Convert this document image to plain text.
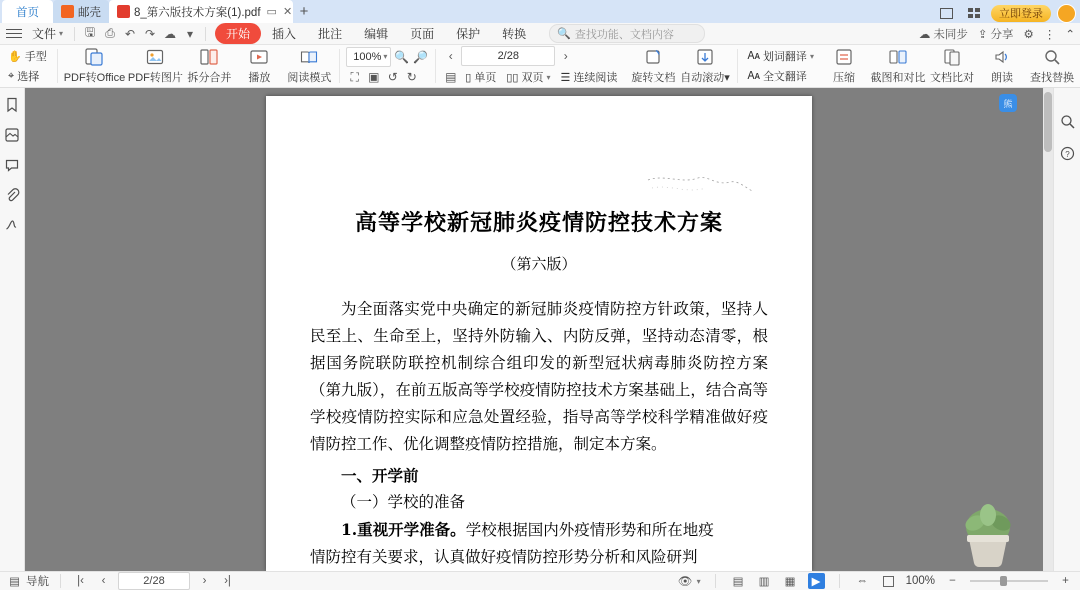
首页	邮壳	8_第六版技术方案(1).pdf ▭ ✕ +	立即登录
文件 ▾	🖫 ⎙ ↶ ↷ ☁ ▾	开始	插入	批注	编辑	页面	保护	转换	🔍 查找功能、文档内容	☁ 未同步 ⇪ 分享 ⚙ ⋮ ⌃
✋ 手型
⌖ 选择 PDF转Office PDF转图片 拆分合并 播放 阅读模式
100% ▾ 🔍 🔎
⛶ ▣ ↺ ↻
‹	2/28	›
▤ ▯ 单页 ▯▯ 双页 ▾ ☰ 连续阅读 旋转文档 自动滚动▾
🗛 划词翻译 ▾
🗛 全文翻译 压缩 截图和对比 文档比对 朗读 查找替换
高等学校新冠肺炎疫情防控技术方案
（第六版）
为全面落实党中央确定的新冠肺炎疫情防控方针政策，坚持人民至上、生命至上，坚持外防输入、内防反弹，坚持动态清零，根据国务院联防联控机制综合组印发的新型冠状病毒肺炎防控方案（第九版），在前五版高等学校疫情防控技术方案基础上，结合高等学校疫情防控实际和应急处置经验，指导高等学校科学精准做好疫情防控工作、优化调整疫情防控措施，制定本方案。
一、开学前
（一）学校的准备
1.重视开学准备。学校根据国内外疫情形势和所在地疫
情防控有关要求，认真做好疫情防控形势分析和风险研判
熊
?
▤ 导航	|‹	‹	2/28	›	›|	👁 ▾	▤ ▥ ▦	▶	⇔	100%	−	+
